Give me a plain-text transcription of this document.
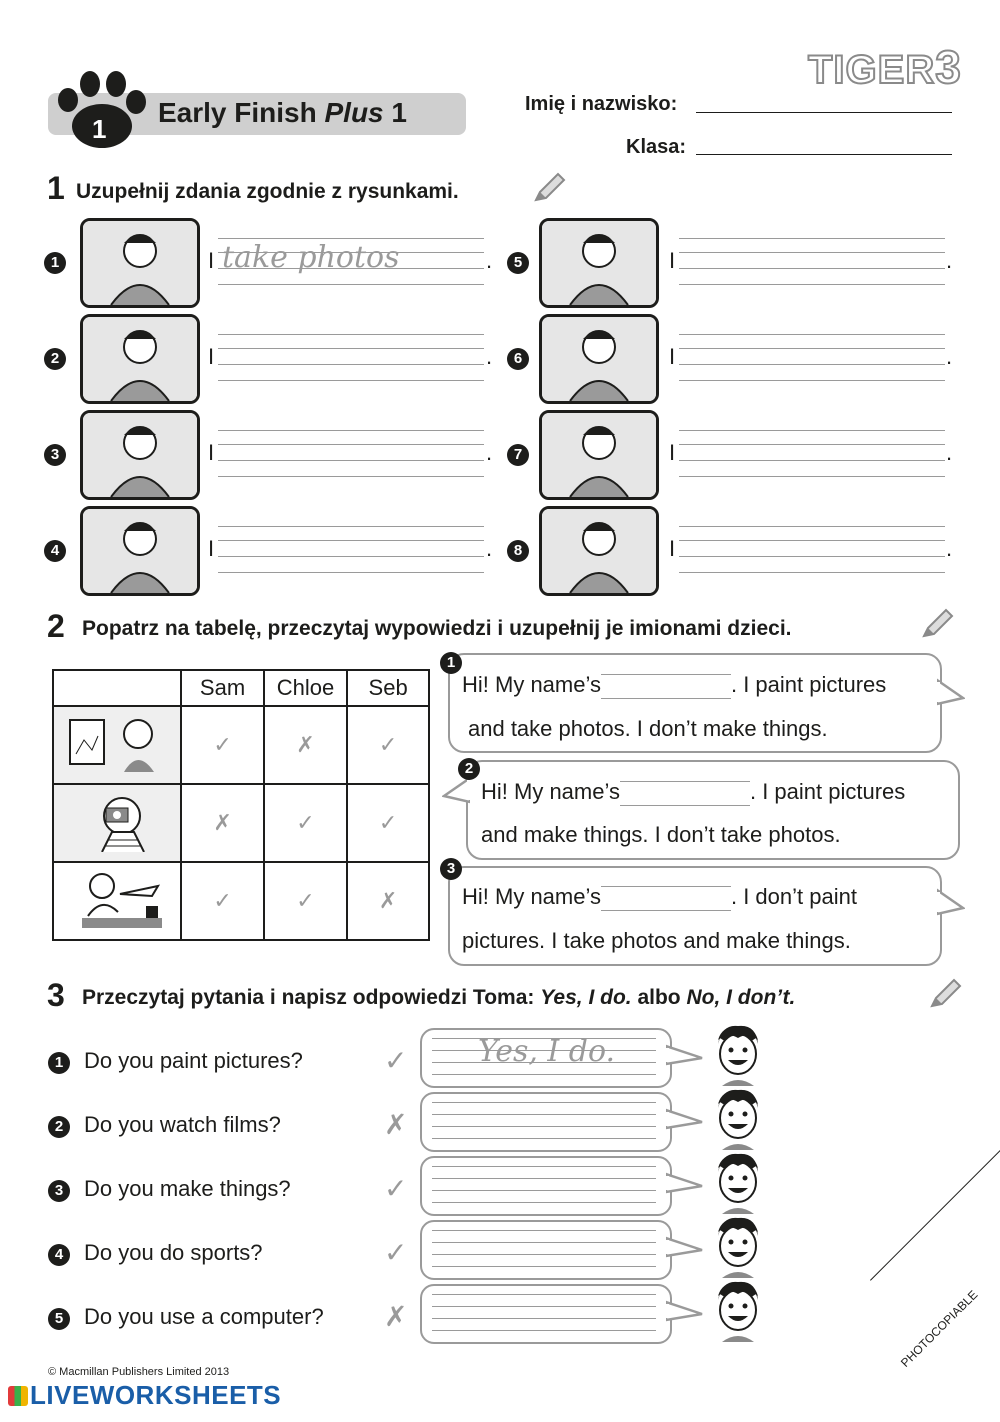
TIGER3
1
Early Finish Plus 1	Imię i nazwisko:
Klasa:
1 Uzupełnij zdania zgodnie z rysunkami.
1	I take photos	.
2	I	.
3	I	.
4	I	.
5	I	.
6	I	.
7	I	.
8	I	.
2 Popatrz na tabelę, przeczytaj wypowiedzi i uzupełnij je imionami dzieci.
	Sam	Chloe	Seb
	✓	✗	✓
	✗	✓	✓
	✓	✓	✗
1
Hi! My name’s	. I paint pictures
and take photos. I don’t make things.
2
Hi! My name’s	. I paint pictures
and make things. I don’t take photos.
3
Hi! My name’s	. I don’t paint
pictures. I take photos and make things.
3 Przeczytaj pytania i napisz odpowiedzi Toma: Yes, I do. albo No, I don’t.
1 Do you paint pictures?	✓ Yes, I do.
2 Do you watch films?	✗
3 Do you make things?	✓
4 Do you do sports?	✓
5 Do you use a computer? ✗
© Macmillan Publishers Limited 2013
PHOTOCOPIABLE
LIVEWORKSHEETS
